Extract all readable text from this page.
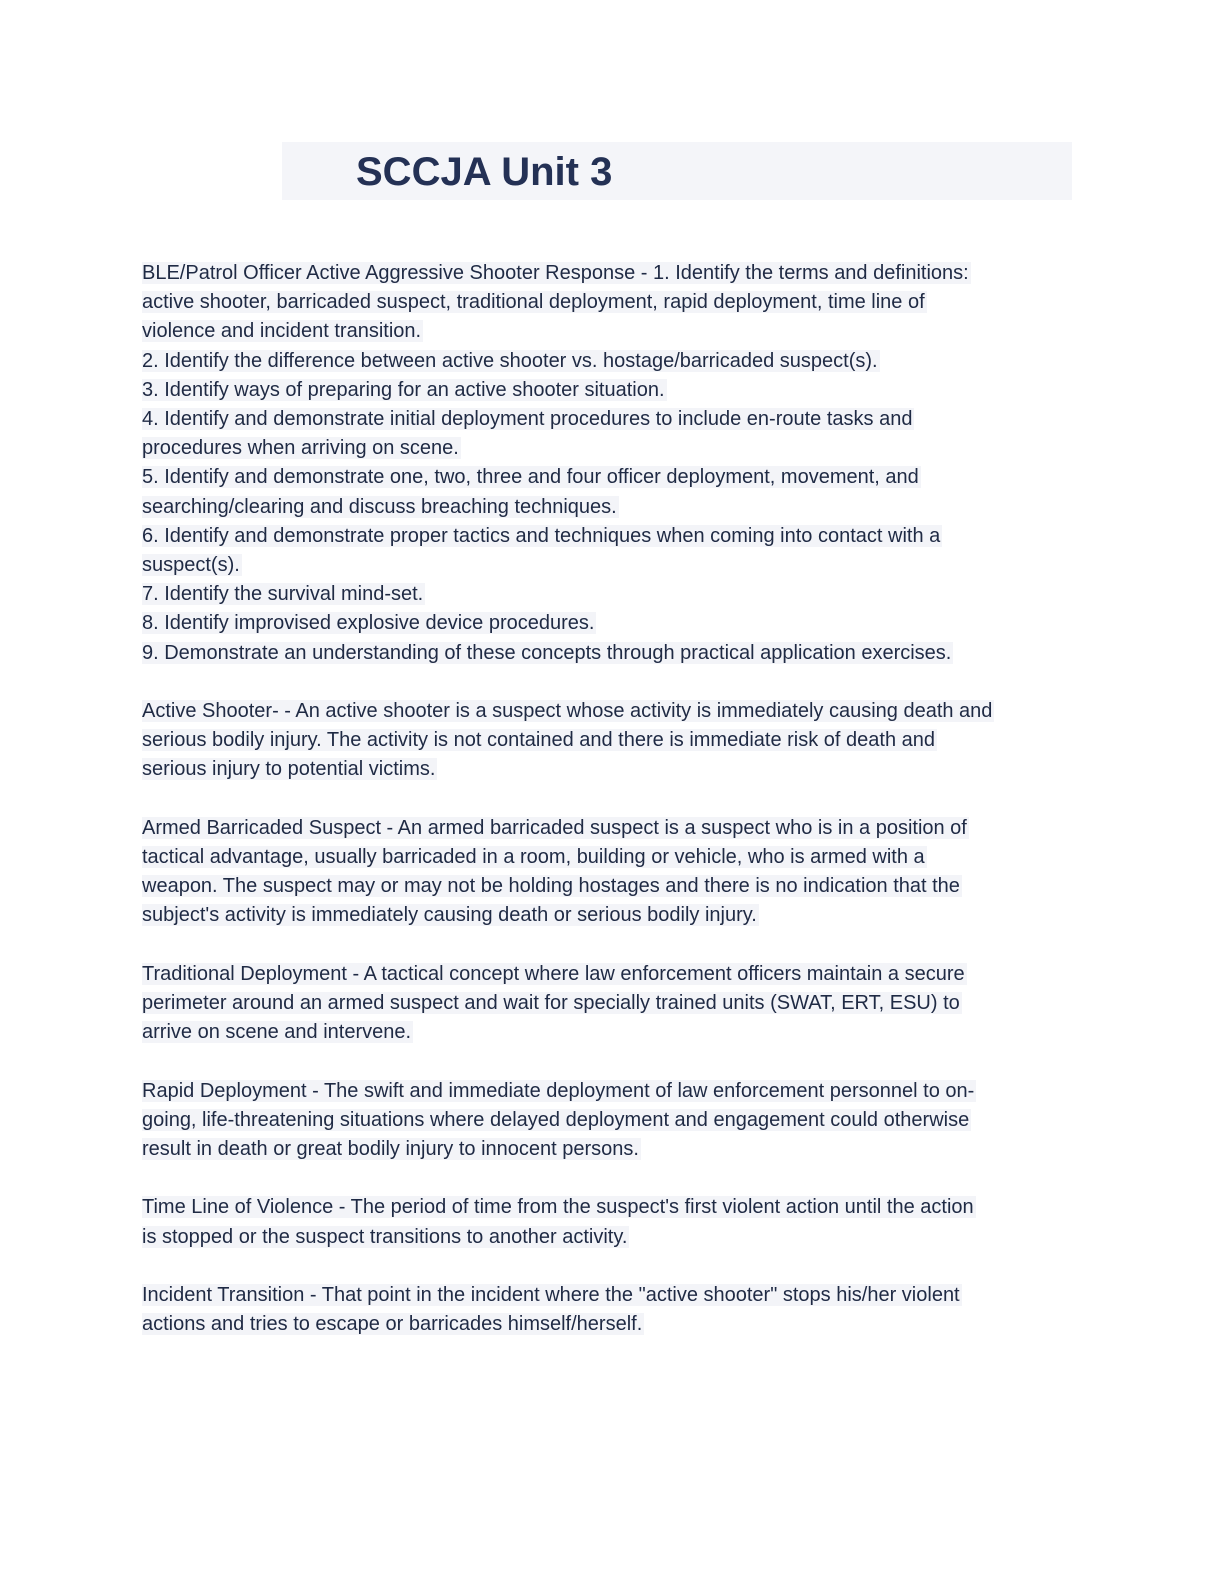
SCCJA Unit 3

BLE/Patrol Officer Active Aggressive Shooter Response - 1. Identify the terms and definitions:
active shooter, barricaded suspect, traditional deployment, rapid deployment, time line of
violence and incident transition.
2. Identify the difference between active shooter vs. hostage/barricaded suspect(s).
3. Identify ways of preparing for an active shooter situation.
4. Identify and demonstrate initial deployment procedures to include en-route tasks and
procedures when arriving on scene.
5. Identify and demonstrate one, two, three and four officer deployment, movement, and
searching/clearing and discuss breaching techniques.
6. Identify and demonstrate proper tactics and techniques when coming into contact with a
suspect(s).
7. Identify the survival mind-set.
8. Identify improvised explosive device procedures.
9. Demonstrate an understanding of these concepts through practical application exercises.

Active Shooter- - An active shooter is a suspect whose activity is immediately causing death and
serious bodily injury. The activity is not contained and there is immediate risk of death and
serious injury to potential victims.

Armed Barricaded Suspect - An armed barricaded suspect is a suspect who is in a position of
tactical advantage, usually barricaded in a room, building or vehicle, who is armed with a
weapon. The suspect may or may not be holding hostages and there is no indication that the
subject's activity is immediately causing death or serious bodily injury.

Traditional Deployment - A tactical concept where law enforcement officers maintain a secure
perimeter around an armed suspect and wait for specially trained units (SWAT, ERT, ESU) to
arrive on scene and intervene.

Rapid Deployment - The swift and immediate deployment of law enforcement personnel to on-
going, life-threatening situations where delayed deployment and engagement could otherwise
result in death or great bodily injury to innocent persons.

Time Line of Violence - The period of time from the suspect's first violent action until the action
is stopped or the suspect transitions to another activity.

Incident Transition - That point in the incident where the "active shooter" stops his/her violent
actions and tries to escape or barricades himself/herself.
